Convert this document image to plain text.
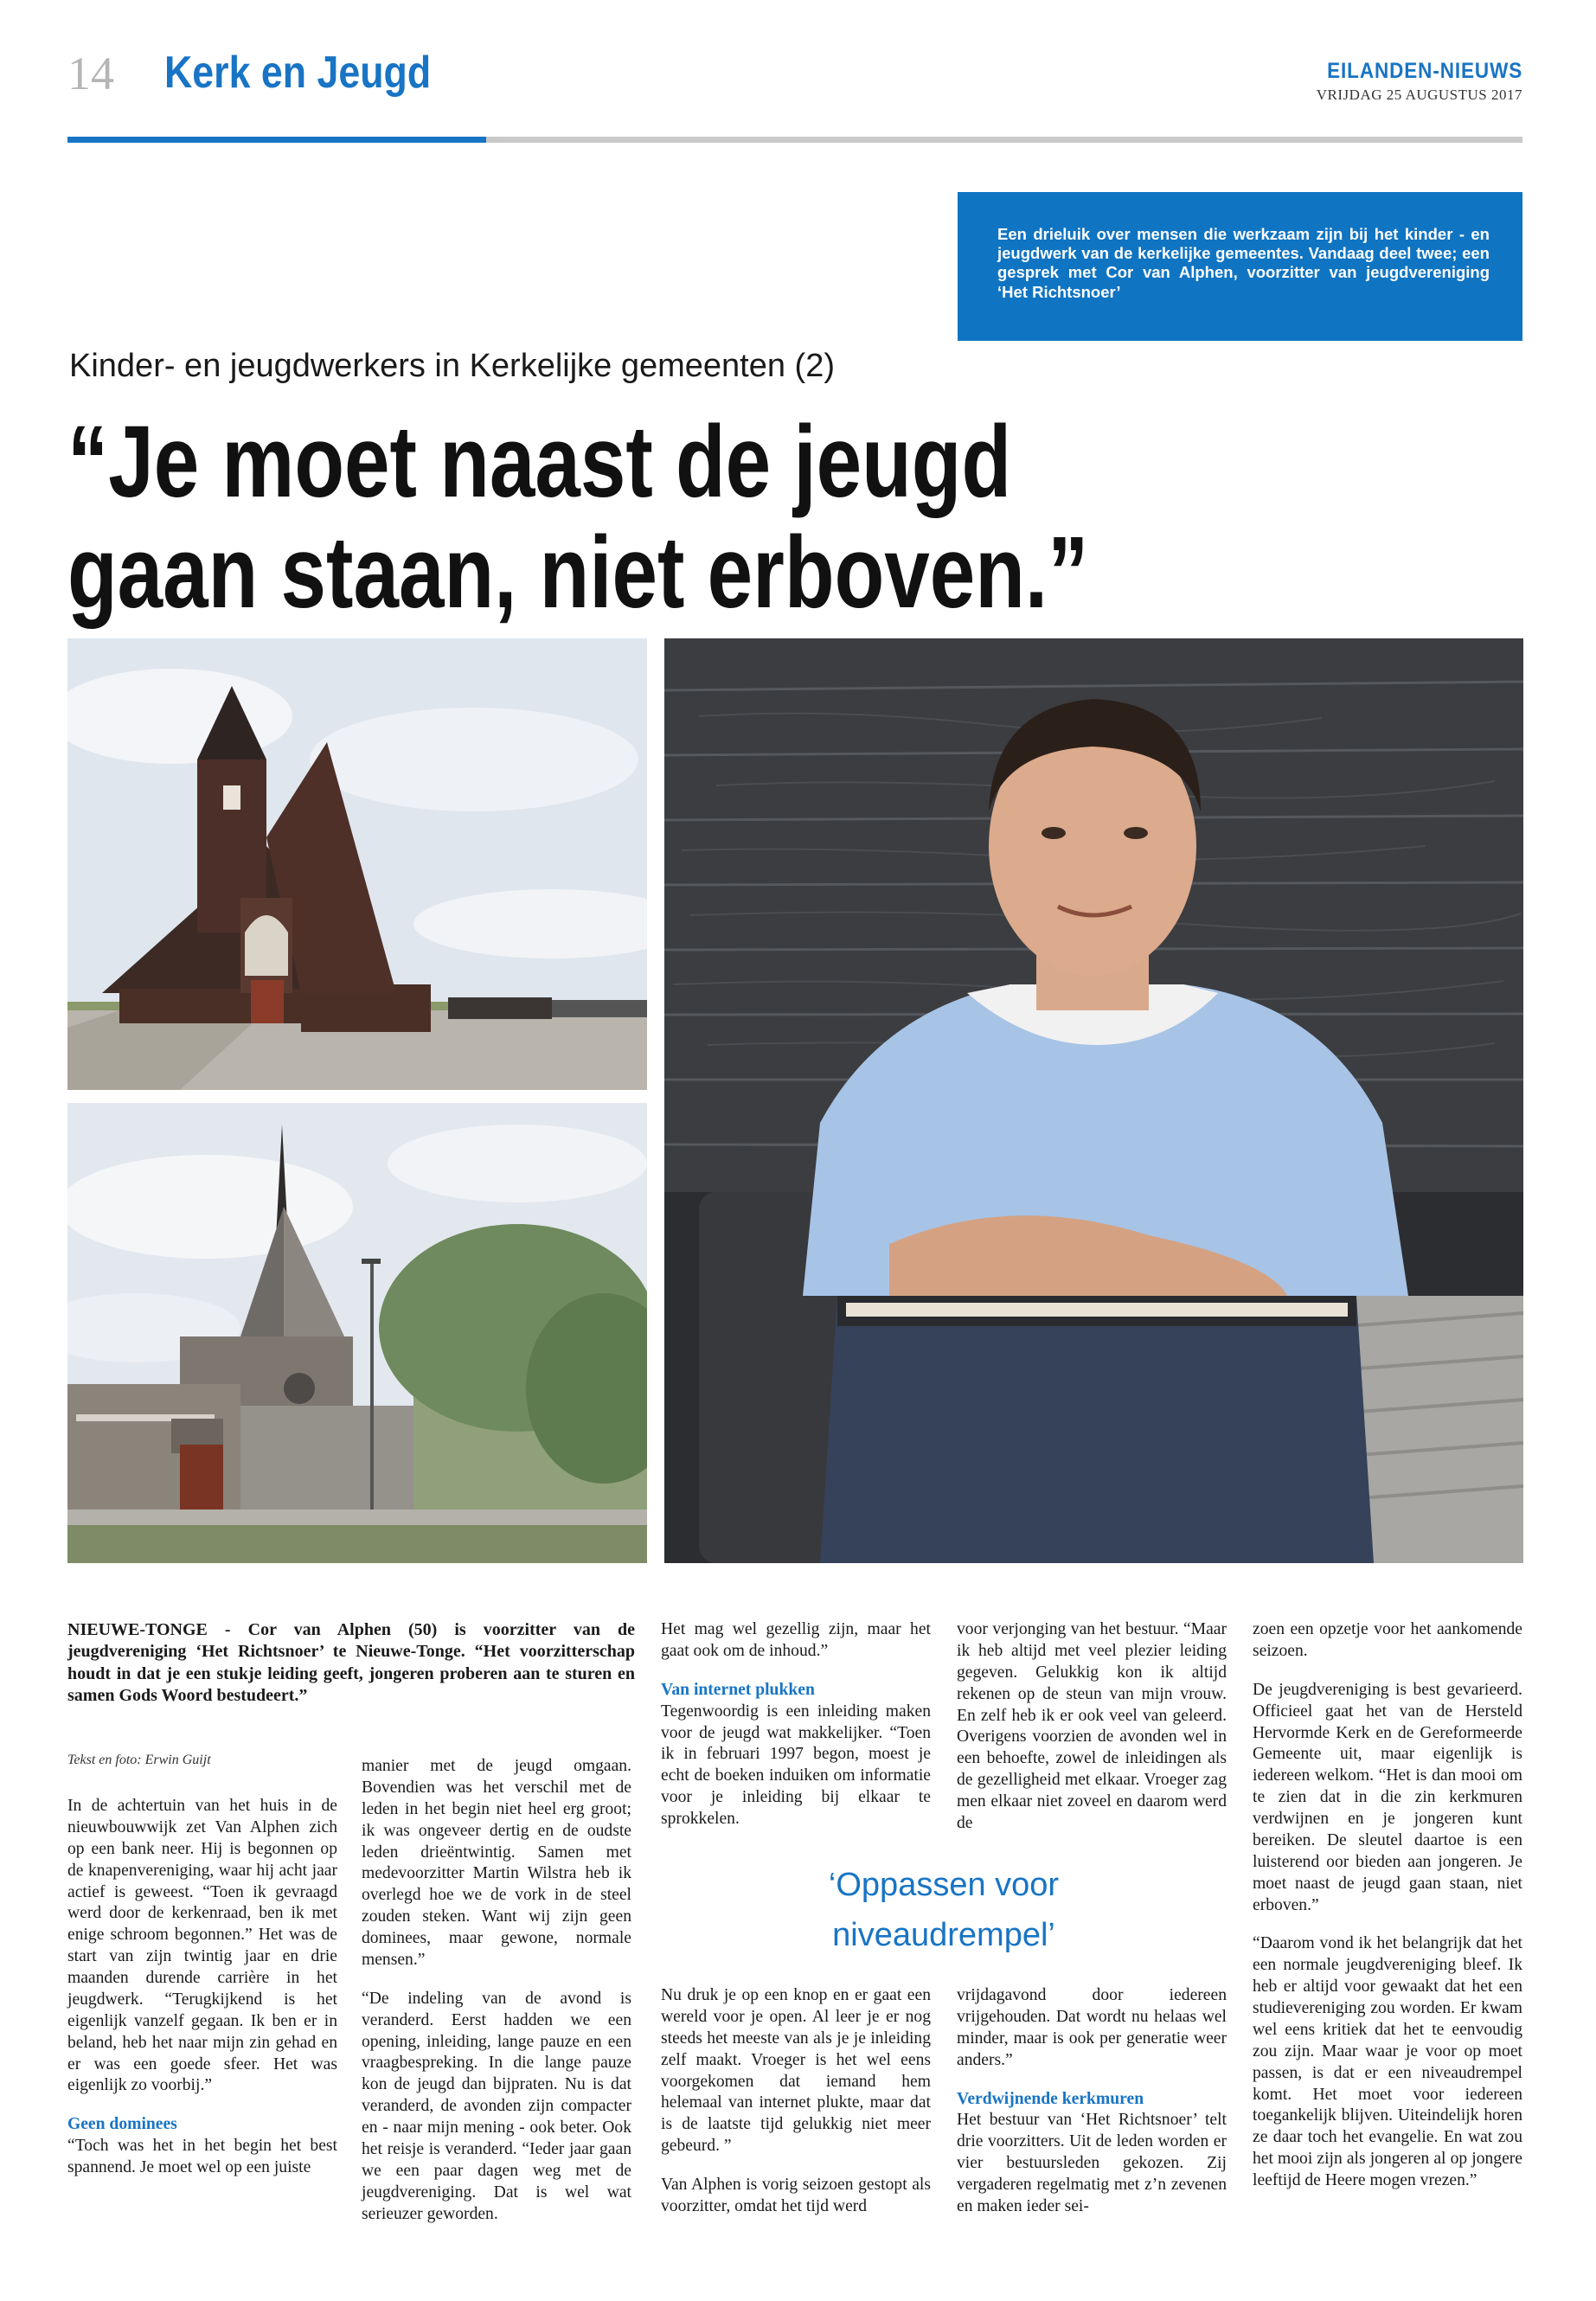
14 Kerk en Jeugd	EILANDEN-NIEUWS
VRIJDAG 25 AUGUSTUS 2017

Een drieluik over mensen die werkzaam zijn bij het kinder - en jeugdwerk van de kerkelijke gemeentes. Vandaag deel twee; een gesprek met Cor van Alphen, voorzitter van jeugdvereniging ‘Het Richtsnoer’

Kinder- en jeugdwerkers in Kerkelijke gemeenten (2)
“Je moet naast de jeugd
gaan staan, niet erboven.”
NIEUWE-TONGE - Cor van Alphen (50) is voorzitter van de jeugdvereniging ‘Het Richtsnoer’ te Nieuwe-Tonge. “Het voorzitterschap houdt in dat je een stukje leiding geeft, jongeren proberen aan te sturen en samen Gods Woord bestudeert.”
Tekst en foto: Erwin Guijt

In de achtertuin van het huis in de nieuwbouwwijk zet Van Alphen zich op een bank neer. Hij is begonnen op de knapenvereniging, waar hij acht jaar actief is geweest. “Toen ik gevraagd werd door de kerkenraad, ben ik met enige schroom begonnen.” Het was de start van zijn twintig jaar en drie maanden durende carrière in het jeugdwerk. “Terugkijkend is het eigenlijk vanzelf gegaan. Ik ben er in beland, heb het naar mijn zin gehad en er was een goede sfeer. Het was eigenlijk zo voorbij.”

Geen dominees

“Toch was het in het begin het best spannend. Je moet wel op een juiste

manier met de jeugd omgaan. Bovendien was het verschil met de leden in het begin niet heel erg groot; ik was ongeveer dertig en de oudste leden drieëntwintig. Samen met medevoorzitter Martin Wilstra heb ik overlegd hoe we de vork in de steel zouden steken. Want wij zijn geen dominees, maar gewone, normale mensen.”

“De indeling van de avond is veranderd. Eerst hadden we een opening, inleiding, lange pauze en een vraagbespreking. In die lange pauze kon de jeugd dan bijpraten. Nu is dat veranderd, de avonden zijn compacter en - naar mijn mening - ook beter. Ook het reisje is veranderd. “Ieder jaar gaan we een paar dagen weg met de jeugdvereniging. Dat is wel wat serieuzer geworden.

Het mag wel gezellig zijn, maar het gaat ook om de inhoud.”

Van internet plukken

Tegenwoordig is een inleiding maken voor de jeugd wat makkelijker. “Toen ik in februari 1997 begon, moest je echt de boeken induiken om informatie voor je inleiding bij elkaar te sprokkelen.

voor verjonging van het bestuur. “Maar ik heb altijd met veel plezier leiding gegeven. Gelukkig kon ik altijd rekenen op de steun van mijn vrouw. En zelf heb ik er ook veel van geleerd. Overigens voorzien de avonden wel in een behoefte, zowel de inleidingen als de gezelligheid met elkaar. Vroeger zag men elkaar niet zoveel en daarom werd de

‘Oppassen voor
niveaudrempel’

Nu druk je op een knop en er gaat een wereld voor je open. Al leer je er nog steeds het meeste van als je je inleiding zelf maakt. Vroeger is het wel eens voorgekomen dat iemand hem helemaal van internet plukte, maar dat is de laatste tijd gelukkig niet meer gebeurd. ”

Van Alphen is vorig seizoen gestopt als voorzitter, omdat het tijd werd

vrijdagavond door iedereen vrijgehouden. Dat wordt nu helaas wel minder, maar is ook per generatie weer anders.”

Verdwijnende kerkmuren

Het bestuur van ‘Het Richtsnoer’ telt drie voorzitters. Uit de leden worden er vier bestuursleden gekozen. Zij vergaderen regelmatig met z’n zevenen en maken ieder sei-

zoen een opzetje voor het aankomende seizoen.

De jeugdvereniging is best gevarieerd. Officieel gaat het van de Hersteld Hervormde Kerk en de Gereformeerde Gemeente uit, maar eigenlijk is iedereen welkom. “Het is dan mooi om te zien dat in die zin kerkmuren verdwijnen en je jongeren kunt bereiken. De sleutel daartoe is een luisterend oor bieden aan jongeren. Je moet naast de jeugd gaan staan, niet erboven.”

“Daarom vond ik het belangrijk dat het een normale jeugdvereniging bleef. Ik heb er altijd voor gewaakt dat het een studievereniging zou worden. Er kwam wel eens kritiek dat het te eenvoudig zou zijn. Maar waar je voor op moet passen, is dat er een niveaudrempel komt. Het moet voor iedereen toegankelijk blijven. Uiteindelijk horen ze daar toch het evangelie. En wat zou het mooi zijn als jongeren al op jongere leeftijd de Heere mogen vrezen.”
